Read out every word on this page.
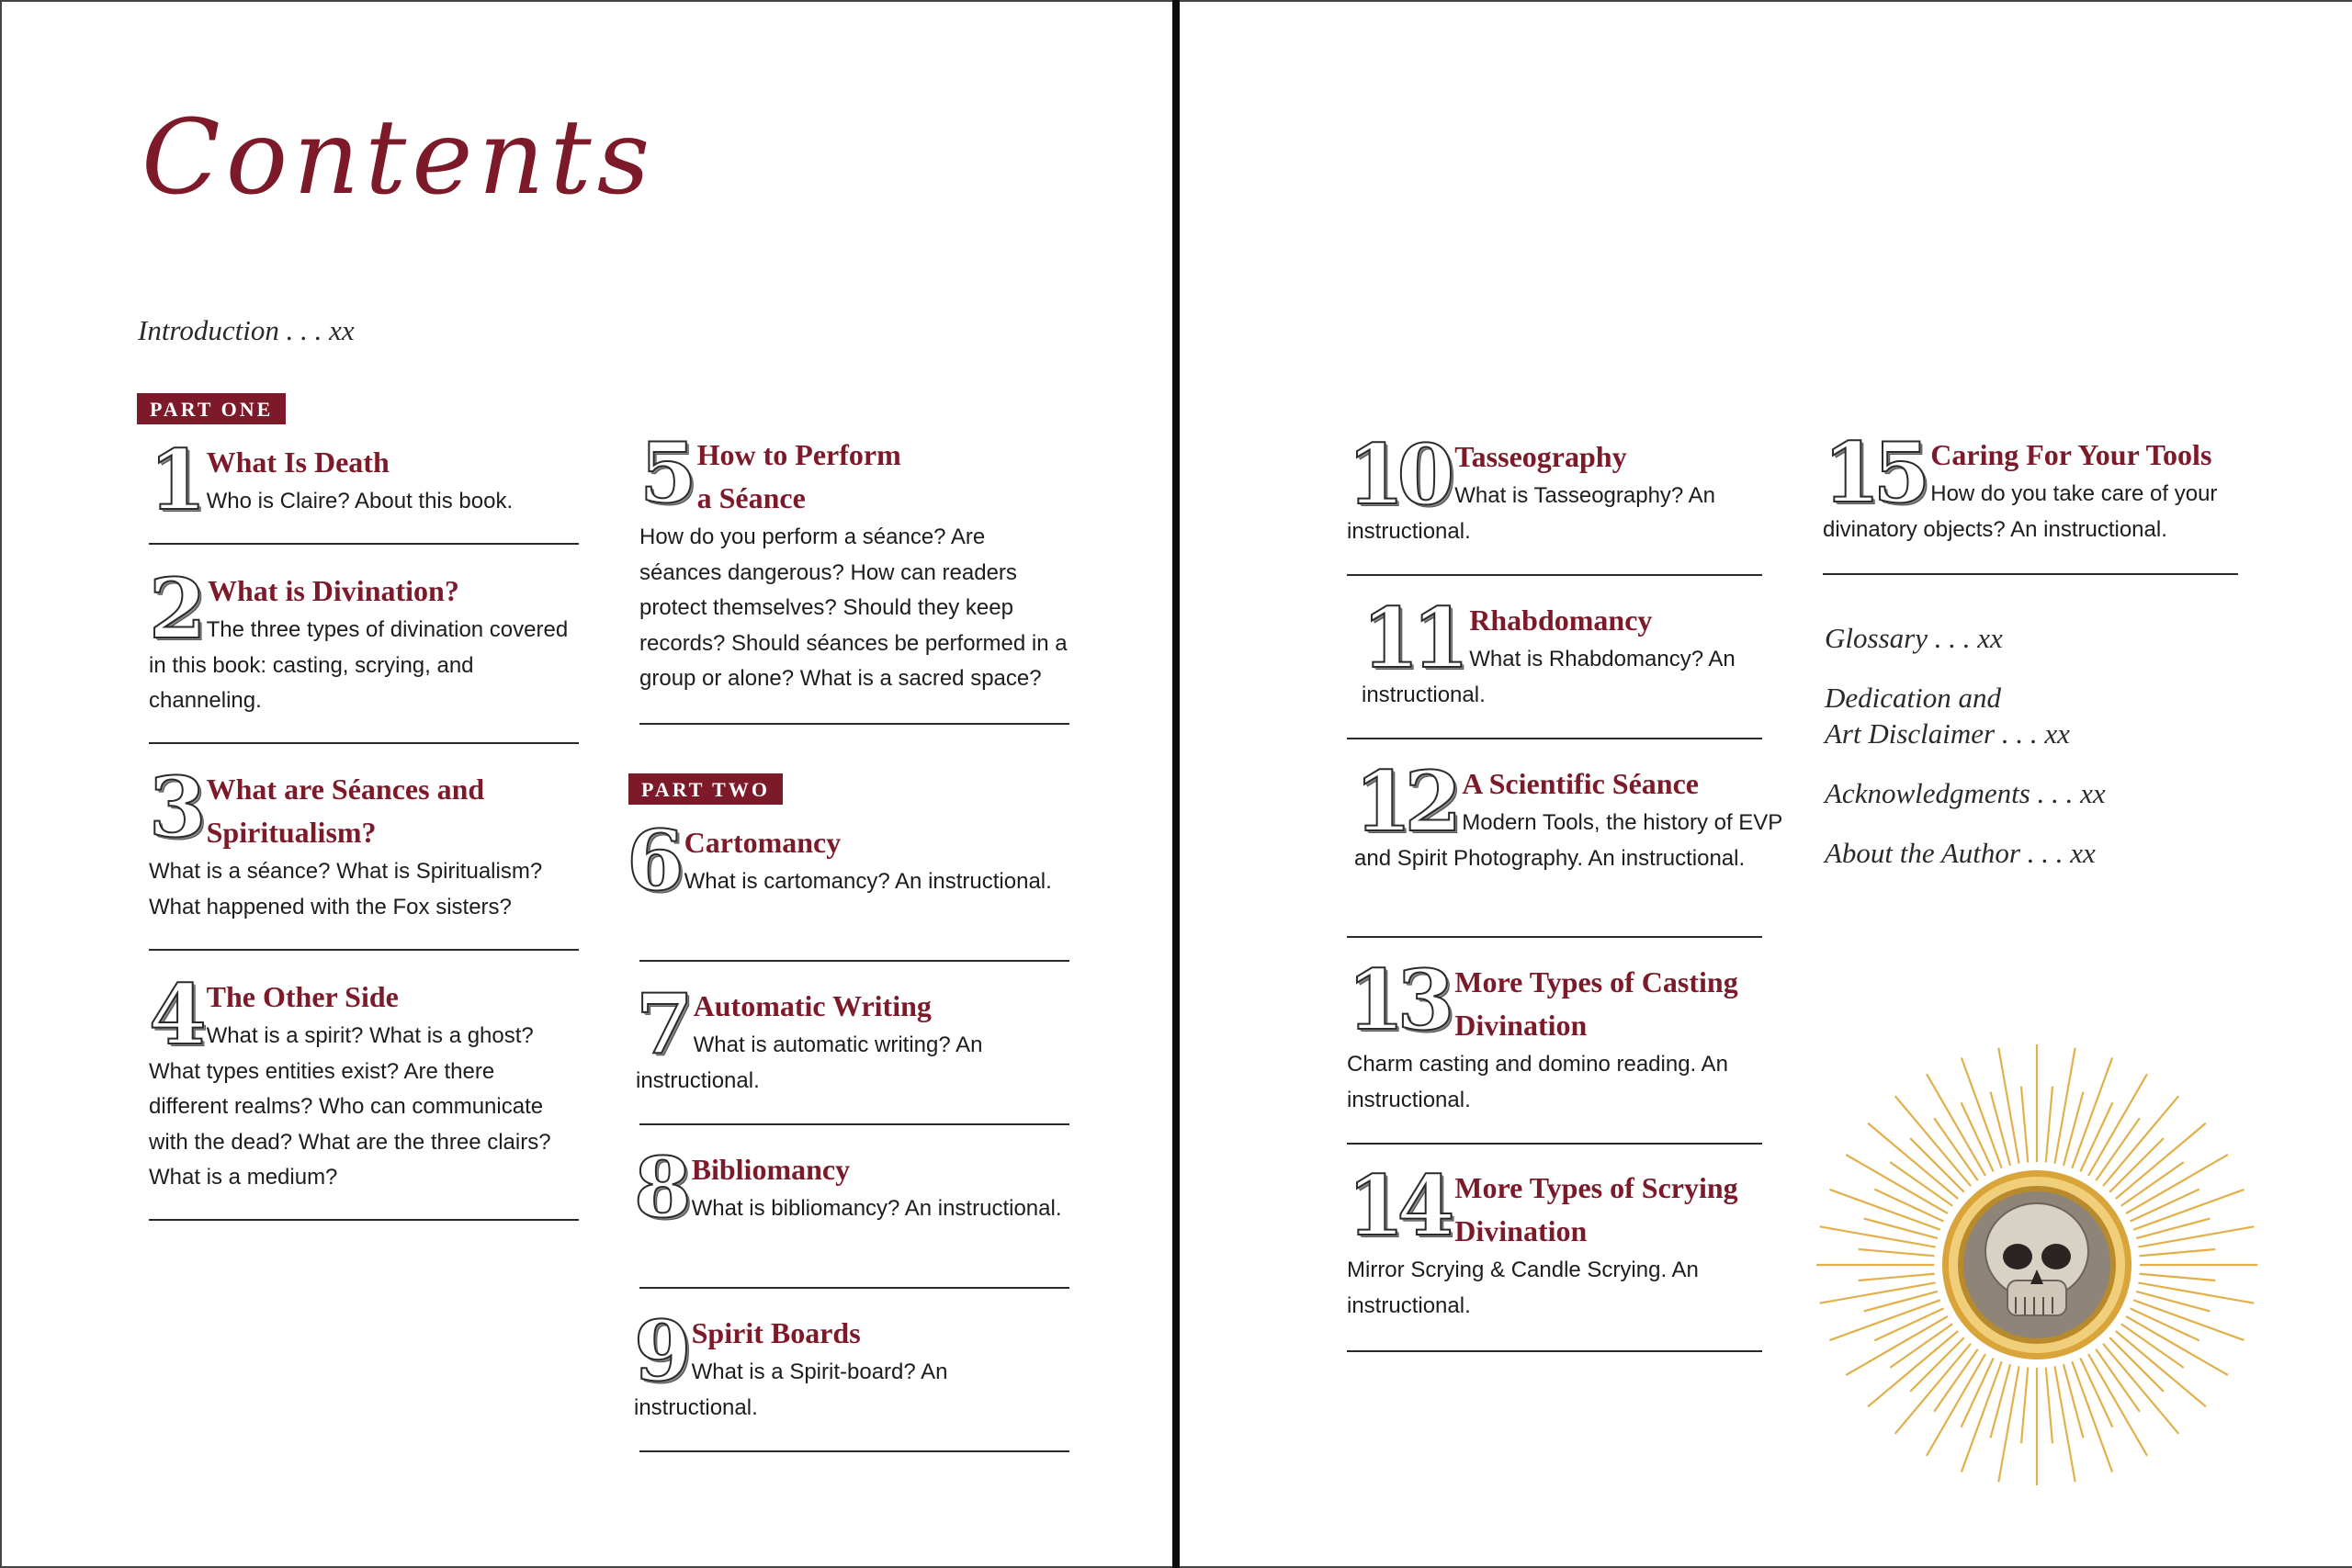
Contents
Introduction . . . xx
PART ONE
1 What Is Death
Who is Claire? About this book.
2 What is Divination?
The three types of divination covered in this book: casting, scrying, and channeling.
3 What are Séances and Spiritualism?
What is a séance? What is Spiritualism? What happened with the Fox sisters?
4 The Other Side
What is a spirit? What is a ghost? What types entities exist? Are there different realms? Who can communicate with the dead? What are the three clairs? What is a medium?
5 How to Perform a Séance
How do you perform a séance? Are séances dangerous? How can readers protect themselves? Should they keep records? Should séances be performed in a group or alone? What is a sacred space?
PART TWO
6 Cartomancy
What is cartomancy? An instructional.
7 Automatic Writing
What is automatic writing? An instructional.
8 Bibliomancy
What is bibliomancy? An instructional.
9 Spirit Boards
What is a Spirit-board? An instructional.
10 Tasseography
What is Tasseography? An instructional.
11 Rhabdomancy
What is Rhabdomancy? An instructional.
12 A Scientific Séance
Modern Tools, the history of EVP and Spirit Photography. An instructional.
13 More Types of Casting Divination
Charm casting and domino reading. An instructional.
14 More Types of Scrying Divination
Mirror Scrying & Candle Scrying. An instructional.
15 Caring For Your Tools
How do you take care of your divinatory objects? An instructional.
Glossary . . . xx
Dedication and
Art Disclaimer . . . xx
Acknowledgments . . . xx
About the Author . . . xx
